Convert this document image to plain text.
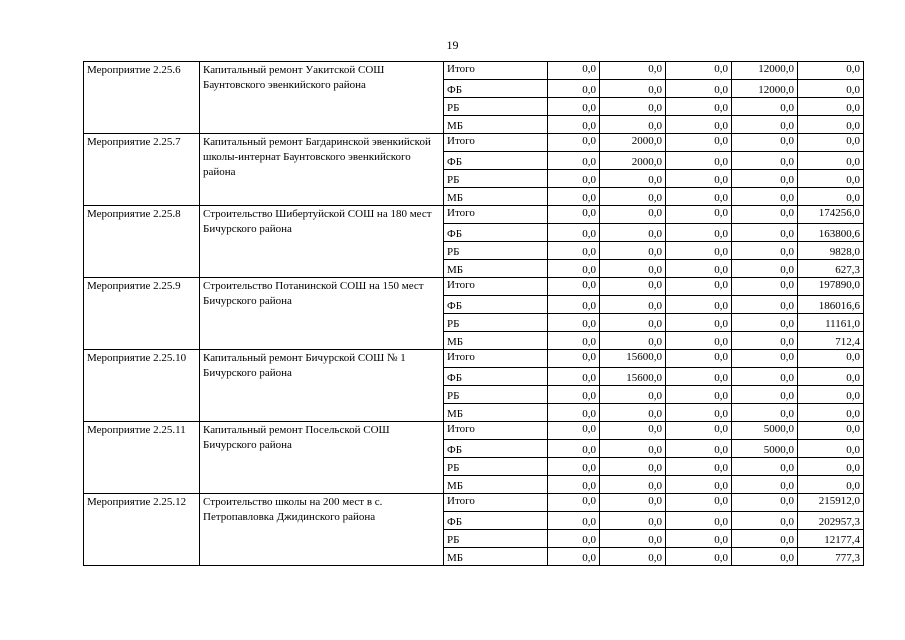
19
Мероприятие 2.25.6	Капитальный ремонт Уакитской СОШ Баунтовского эвенкийского района	Итого	0,0	0,0	0,0	12000,0	0,0
		ФБ	0,0	0,0	0,0	12000,0	0,0
		РБ	0,0	0,0	0,0	0,0	0,0
		МБ	0,0	0,0	0,0	0,0	0,0
Мероприятие 2.25.7	Капитальный ремонт Багдаринской эвенкийской школы-интернат Баунтовского эвенкийского района	Итого	0,0	2000,0	0,0	0,0	0,0
		ФБ	0,0	2000,0	0,0	0,0	0,0
		РБ	0,0	0,0	0,0	0,0	0,0
		МБ	0,0	0,0	0,0	0,0	0,0
Мероприятие 2.25.8	Строительство Шибертуйской СОШ на 180 мест Бичурского района	Итого	0,0	0,0	0,0	0,0	174256,0
		ФБ	0,0	0,0	0,0	0,0	163800,6
		РБ	0,0	0,0	0,0	0,0	9828,0
		МБ	0,0	0,0	0,0	0,0	627,3
Мероприятие 2.25.9	Строительство Потанинской СОШ на 150 мест Бичурского района	Итого	0,0	0,0	0,0	0,0	197890,0
		ФБ	0,0	0,0	0,0	0,0	186016,6
		РБ	0,0	0,0	0,0	0,0	11161,0
		МБ	0,0	0,0	0,0	0,0	712,4
Мероприятие 2.25.10	Капитальный ремонт Бичурской СОШ № 1 Бичурского района	Итого	0,0	15600,0	0,0	0,0	0,0
		ФБ	0,0	15600,0	0,0	0,0	0,0
		РБ	0,0	0,0	0,0	0,0	0,0
		МБ	0,0	0,0	0,0	0,0	0,0
Мероприятие 2.25.11	Капитальный ремонт Посельской СОШ Бичурского района	Итого	0,0	0,0	0,0	5000,0	0,0
		ФБ	0,0	0,0	0,0	5000,0	0,0
		РБ	0,0	0,0	0,0	0,0	0,0
		МБ	0,0	0,0	0,0	0,0	0,0
Мероприятие 2.25.12	Строительство школы на 200 мест в с. Петропавловка Джидинского района	Итого	0,0	0,0	0,0	0,0	215912,0
		ФБ	0,0	0,0	0,0	0,0	202957,3
		РБ	0,0	0,0	0,0	0,0	12177,4
		МБ	0,0	0,0	0,0	0,0	777,3
